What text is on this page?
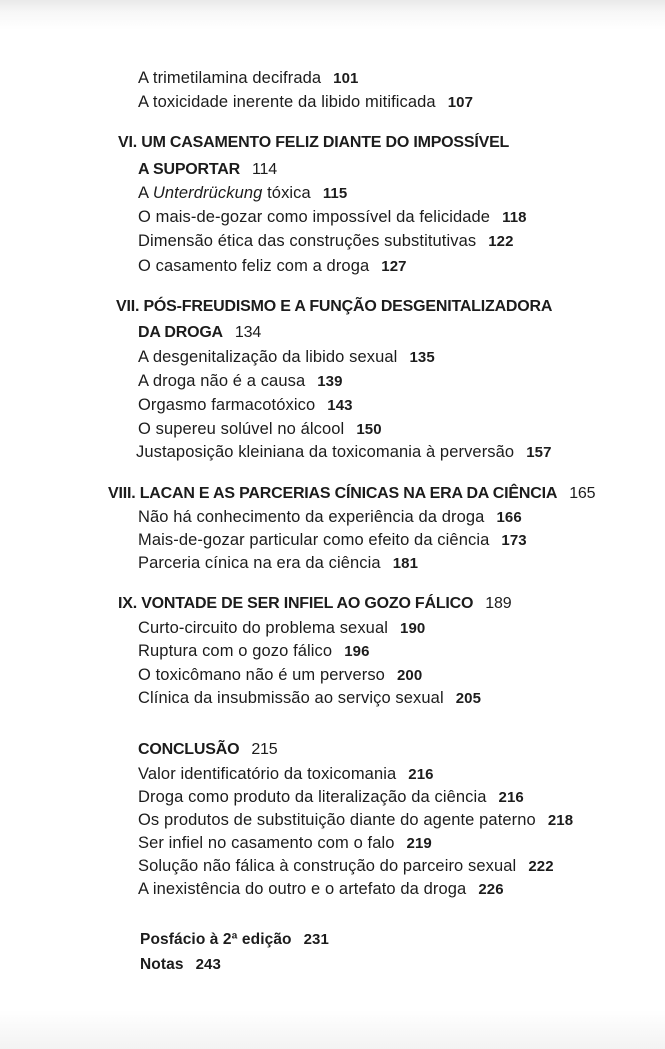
A trimetilamina decifrada 101
A toxicidade inerente da libido mitificada 107
VI. UM CASAMENTO FELIZ DIANTE DO IMPOSSÍVEL
A SUPORTAR 114
A Unterdrückung tóxica 115
O mais-de-gozar como impossível da felicidade 118
Dimensão ética das construções substitutivas 122
O casamento feliz com a droga 127
VII. PÓS-FREUDISMO E A FUNÇÃO DESGENITALIZADORA
DA DROGA 134
A desgenitalização da libido sexual 135
A droga não é a causa 139
Orgasmo farmacotóxico 143
O supereu solúvel no álcool 150
Justaposição kleiniana da toxicomania à perversão 157
VIII. LACAN E AS PARCERIAS CÍNICAS NA ERA DA CIÊNCIA 165
Não há conhecimento da experiência da droga 166
Mais-de-gozar particular como efeito da ciência 173
Parceria cínica na era da ciência 181
IX. VONTADE DE SER INFIEL AO GOZO FÁLICO 189
Curto-circuito do problema sexual 190
Ruptura com o gozo fálico 196
O toxicômano não é um perverso 200
Clínica da insubmissão ao serviço sexual 205
CONCLUSÃO 215
Valor identificatório da toxicomania 216
Droga como produto da literalização da ciência 216
Os produtos de substituição diante do agente paterno 218
Ser infiel no casamento com o falo 219
Solução não fálica à construção do parceiro sexual 222
A inexistência do outro e o artefato da droga 226
Posfácio à 2ª edição 231
Notas 243
